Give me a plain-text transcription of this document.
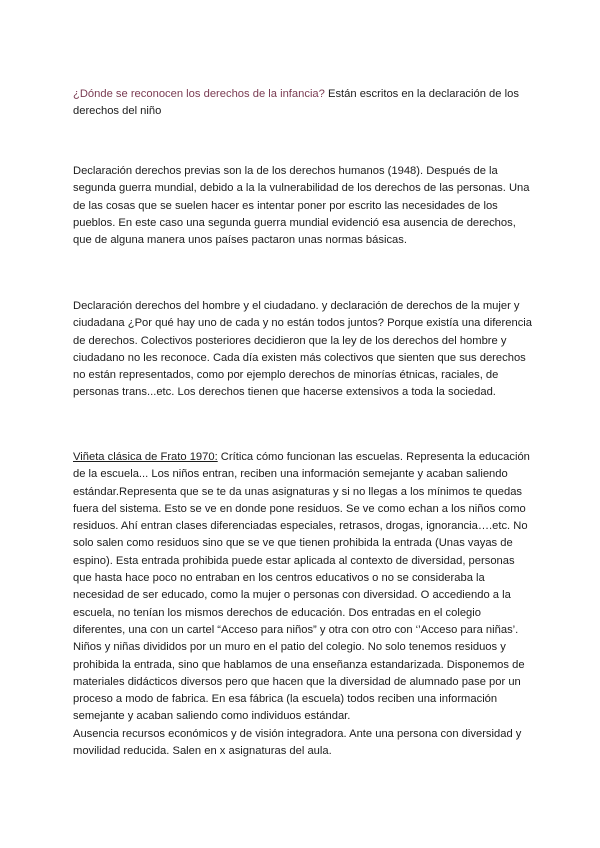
¿Dónde se reconocen los derechos de la infancia? Están escritos en la declaración de los derechos del niño

Declaración derechos previas son la de los derechos humanos (1948). Después de la segunda guerra mundial, debido a la la vulnerabilidad de los derechos de las personas. Una de las cosas que se suelen hacer es intentar poner por escrito las necesidades de los pueblos. En este caso una segunda guerra mundial evidenció esa ausencia de derechos, que de alguna manera unos países pactaron unas normas básicas.

Declaración derechos del hombre y el ciudadano. y declaración de derechos de la mujer y ciudadana ¿Por qué hay uno de cada y no están todos juntos? Porque existía una diferencia de derechos. Colectivos posteriores decidieron que la ley de los derechos del hombre y ciudadano no les reconoce. Cada día existen más colectivos que sienten que sus derechos no están representados, como por ejemplo derechos de minorías étnicas, raciales, de personas trans...etc. Los derechos tienen que hacerse extensivos a toda la sociedad.

Viñeta clásica de Frato 1970: Crítica cómo funcionan las escuelas. Representa la educación de la escuela... Los niños entran, reciben una información semejante y acaban saliendo estándar.Representa que se te da unas asignaturas y si no llegas a los mínimos te quedas fuera del sistema. Esto se ve en donde pone residuos. Se ve como echan a los niños como residuos. Ahí entran clases diferenciadas especiales, retrasos, drogas, ignorancia….etc. No solo salen como residuos sino que se ve que tienen prohibida la entrada (Unas vayas de espino). Esta entrada prohibida puede estar aplicada al contexto de diversidad, personas que hasta hace poco no entraban en los centros educativos o no se consideraba la necesidad de ser educado, como la mujer o personas con diversidad. O accediendo a la escuela, no tenían los mismos derechos de educación. Dos entradas en el colegio diferentes, una con un cartel “Acceso para niños” y otra con otro con ‘’Acceso para niñas’. Niños y niñas divididos por un muro en el patio del colegio. No solo tenemos residuos y prohibida la entrada, sino que hablamos de una enseñanza estandarizada. Disponemos de materiales didácticos diversos pero que hacen que la diversidad de alumnado pase por un proceso a modo de fabrica. En esa fábrica (la escuela) todos reciben una información semejante y acaban saliendo como individuos estándar.
Ausencia recursos económicos y de visión integradora. Ante una persona con diversidad y movilidad reducida. Salen en x asignaturas del aula.
